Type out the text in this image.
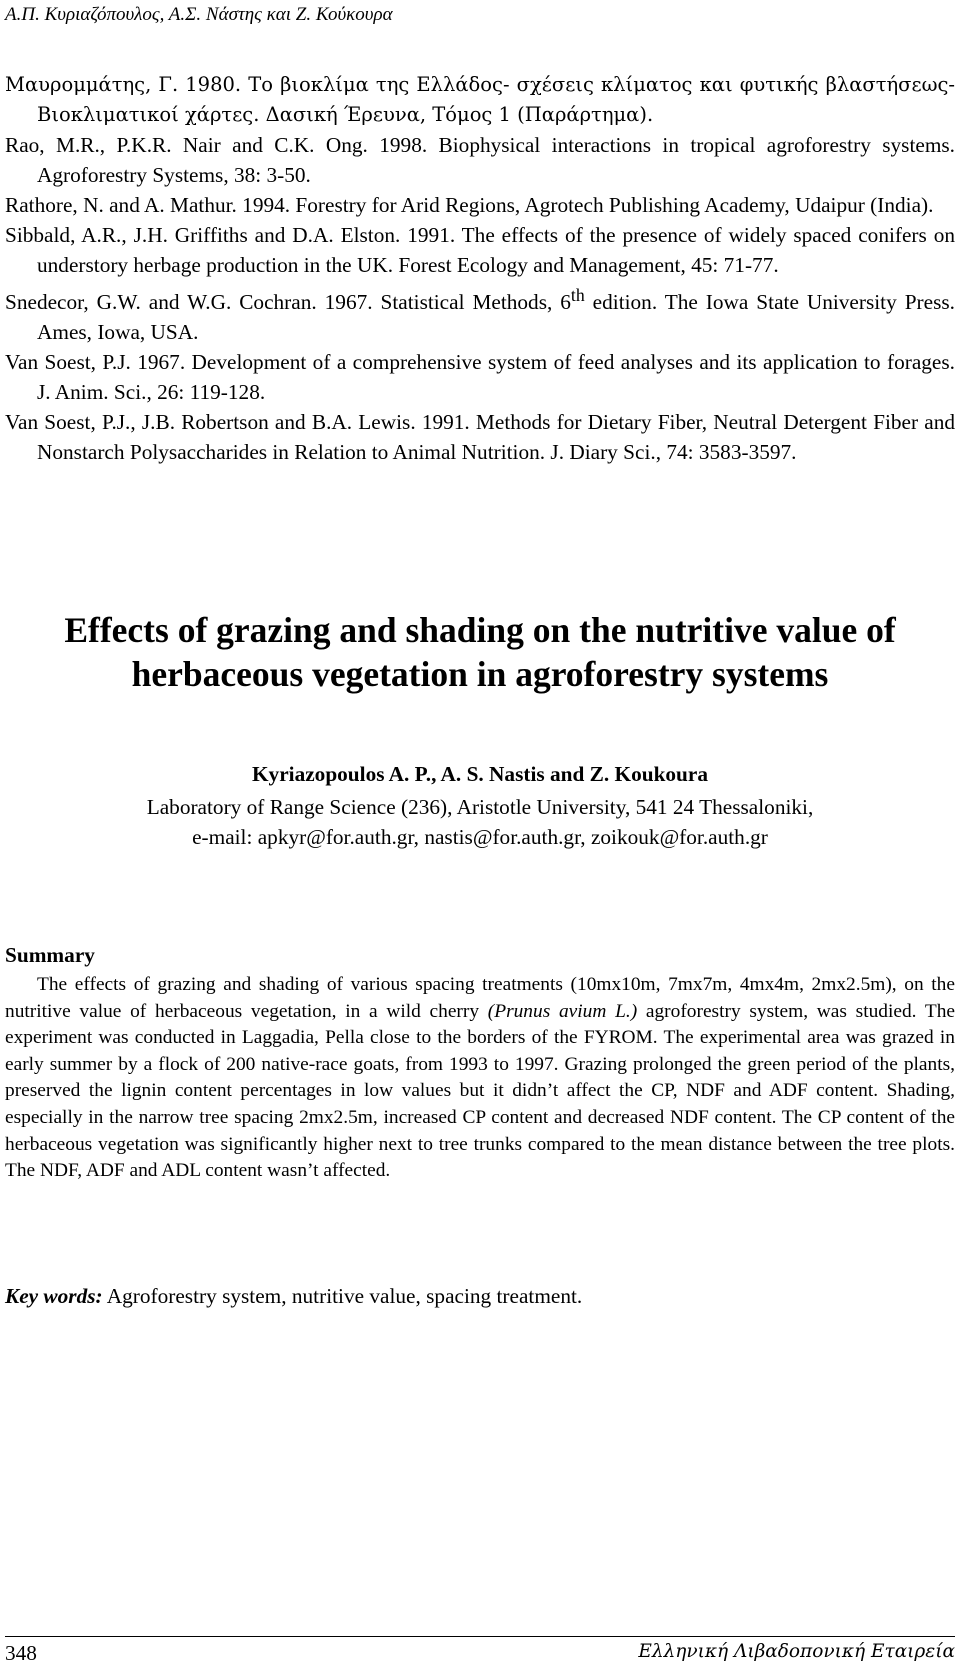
Α.Π. Κυριαζόπουλος, Α.Σ. Νάστης και Ζ. Κούκουρα
Μαυρομμάτης, Γ. 1980. Το βιοκλίμα της Ελλάδος- σχέσεις κλίματος και φυτικής βλαστήσεως- Βιοκλιματικοί χάρτες. Δασική Έρευνα, Τόμος 1 (Παράρτημα).
Rao, M.R., P.K.R. Nair and C.K. Ong. 1998. Biophysical interactions in tropical agroforestry systems. Agroforestry Systems, 38: 3-50.
Rathore, N. and A. Mathur. 1994. Forestry for Arid Regions, Agrotech Publishing Academy, Udaipur (India).
Sibbald, A.R., J.H. Griffiths and D.A. Elston. 1991. The effects of the presence of widely spaced conifers on understory herbage production in the UK. Forest Ecology and Management, 45: 71-77.
Snedecor, G.W. and W.G. Cochran. 1967. Statistical Methods, 6th edition. The Iowa State University Press. Ames, Iowa, USA.
Van Soest, P.J. 1967. Development of a comprehensive system of feed analyses and its application to forages. J. Anim. Sci., 26: 119-128.
Van Soest, P.J., J.B. Robertson and B.A. Lewis. 1991. Methods for Dietary Fiber, Neutral Detergent Fiber and Nonstarch Polysaccharides in Relation to Animal Nutrition. J. Diary Sci., 74: 3583-3597.
Effects of grazing and shading on the nutritive value of
herbaceous vegetation in agroforestry systems
Kyriazopoulos A. P., A. S. Nastis and Z. Koukoura
Laboratory of Range Science (236), Aristotle University, 541 24 Thessaloniki,
e-mail: apkyr@for.auth.gr, nastis@for.auth.gr, zoikouk@for.auth.gr
Summary
The effects of grazing and shading of various spacing treatments (10mx10m, 7mx7m, 4mx4m, 2mx2.5m), on the nutritive value of herbaceous vegetation, in a wild cherry (Prunus avium L.) agroforestry system, was studied. The experiment was conducted in Laggadia, Pella close to the borders of the FYROM. The experimental area was grazed in early summer by a flock of 200 native-race goats, from 1993 to 1997. Grazing prolonged the green period of the plants, preserved the lignin content percentages in low values but it didn’t affect the CP, NDF and ADF content. Shading, especially in the narrow tree spacing 2mx2.5m, increased CP content and decreased NDF content. The CP content of the herbaceous vegetation was significantly higher next to tree trunks compared to the mean distance between the tree plots. The NDF, ADF and ADL content wasn’t affected.
Key words: Agroforestry system, nutritive value, spacing treatment.
348	Ελληνική Λιβαδοπονική Εταιρεία
